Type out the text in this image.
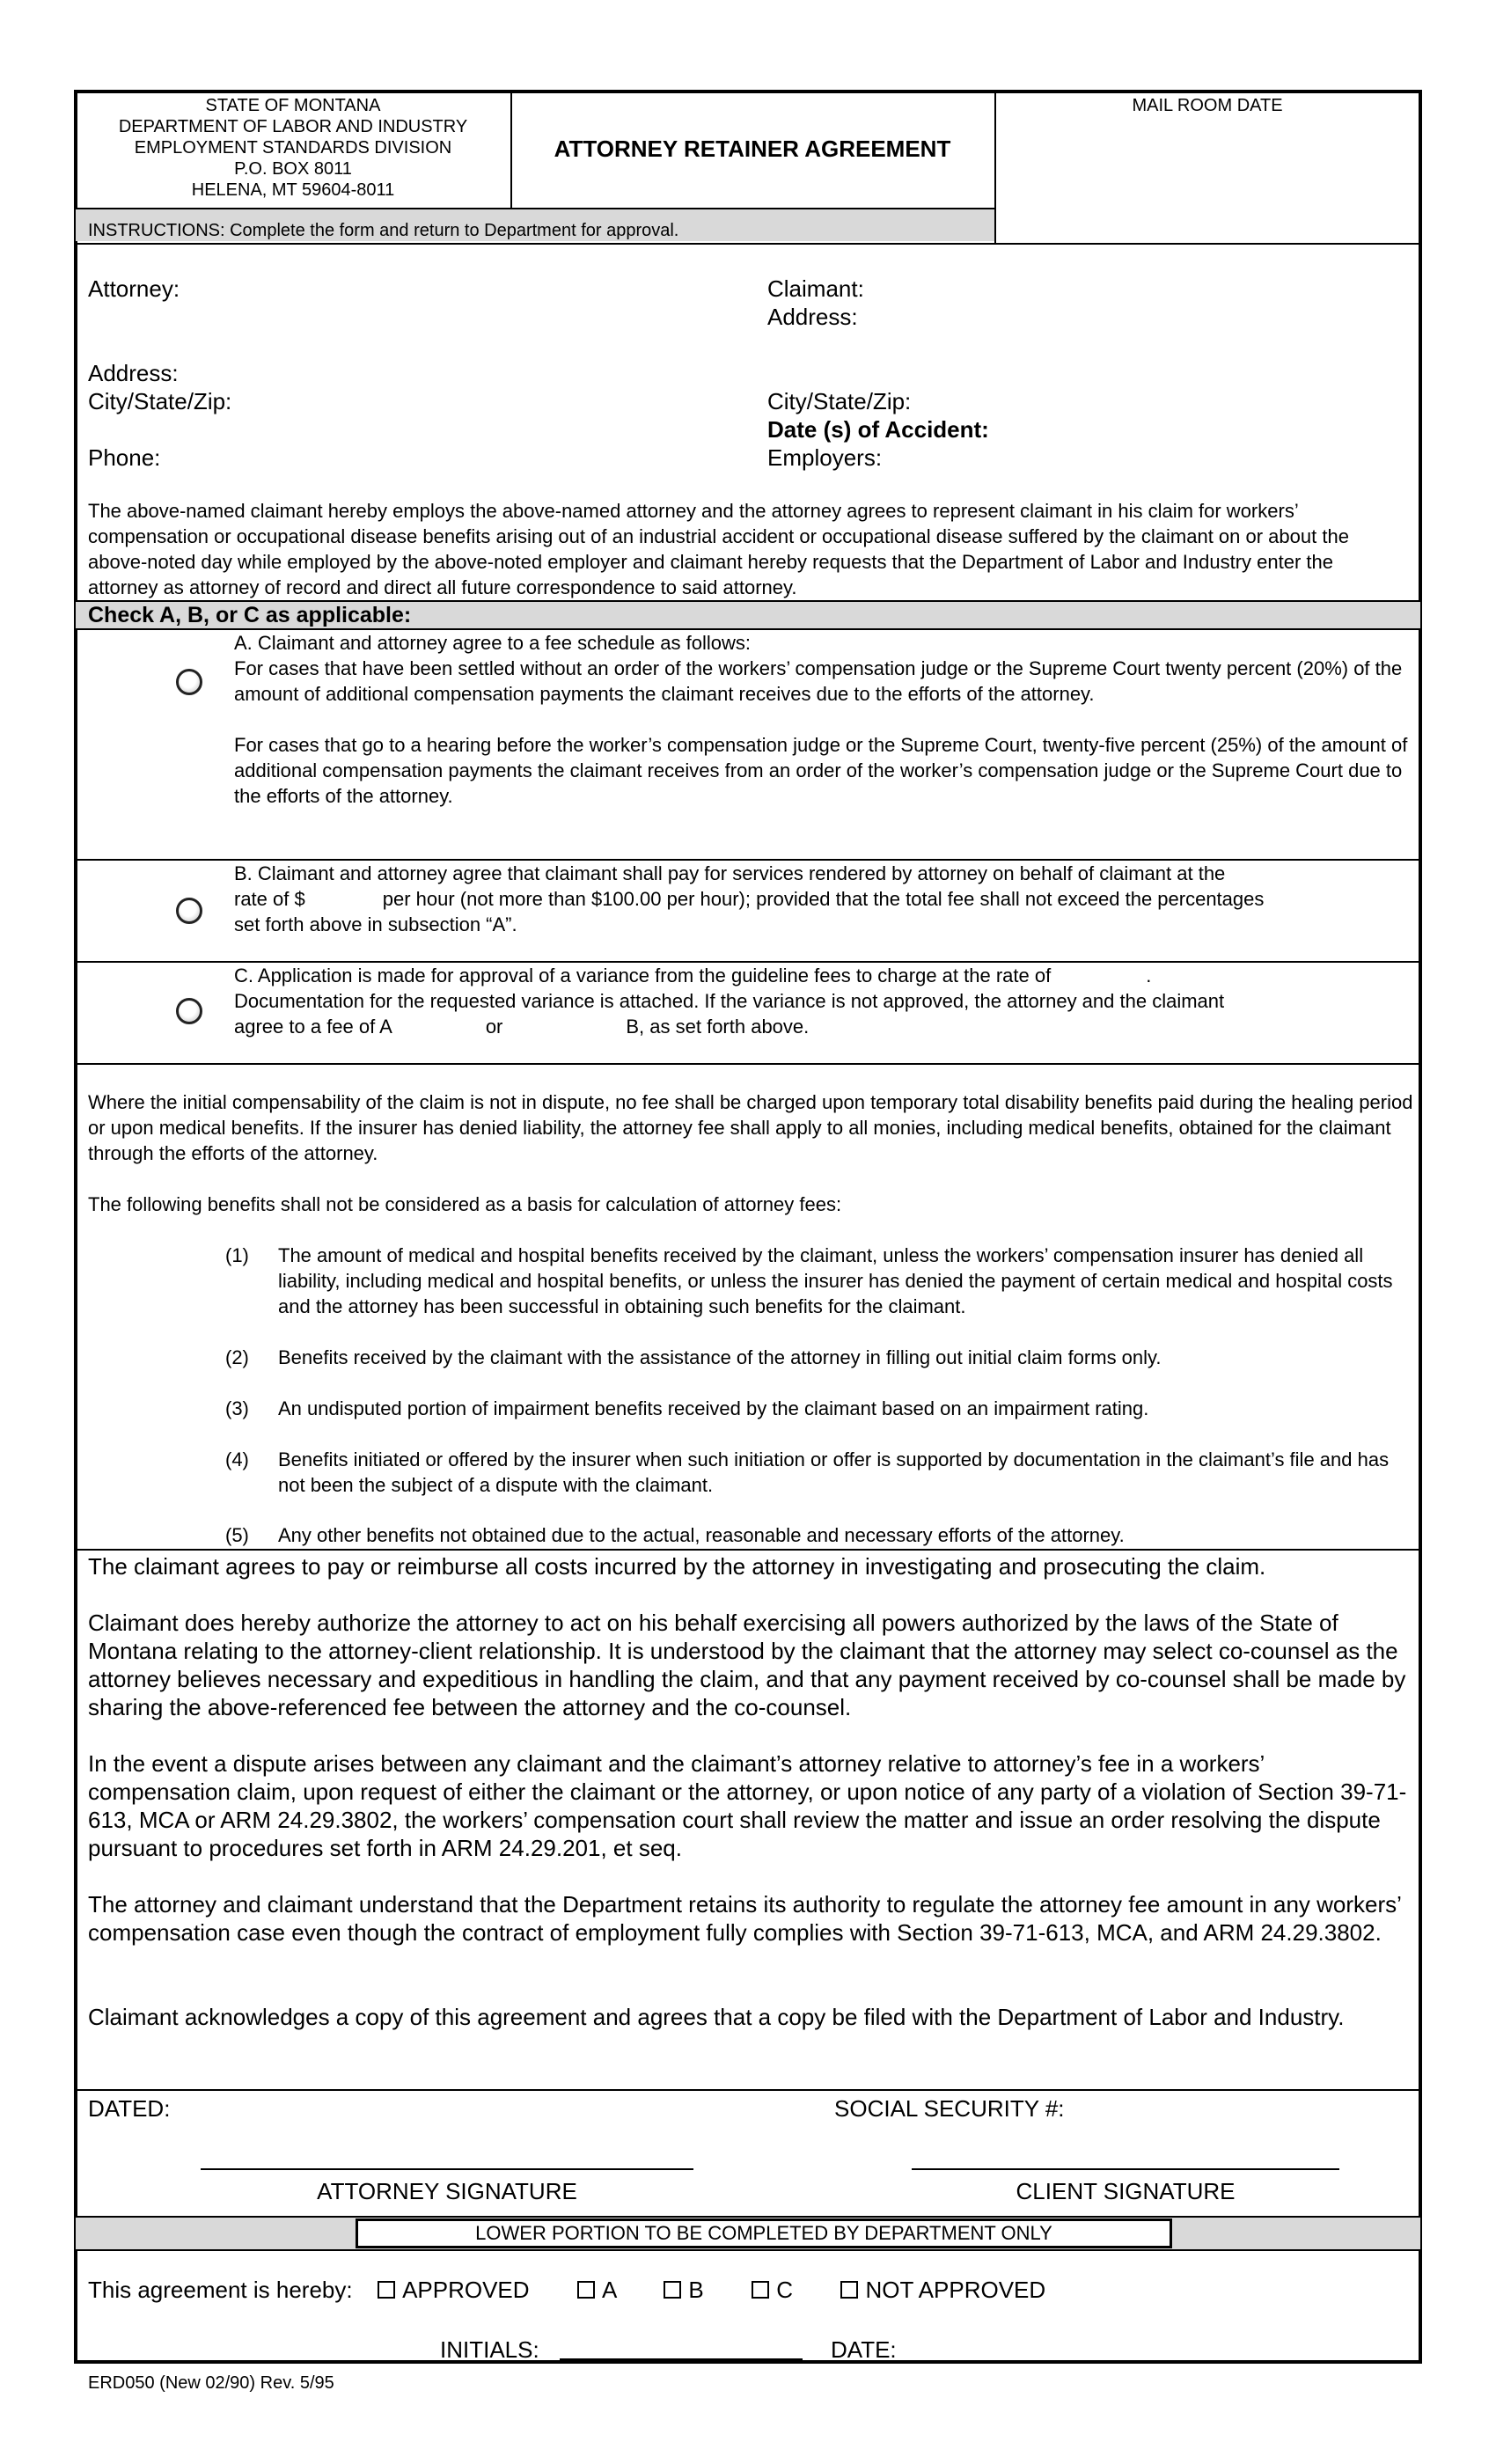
STATE OF MONTANA
DEPARTMENT OF LABOR AND INDUSTRY
EMPLOYMENT STANDARDS DIVISION
P.O. BOX 8011
HELENA, MT 59604-8011
ATTORNEY RETAINER AGREEMENT
MAIL ROOM DATE
INSTRUCTIONS: Complete the form and return to Department for approval.
Attorney:
Address:
City/State/Zip:
Phone:
Claimant:
Address:
City/State/Zip:
Date (s) of Accident:
Employers:
The above-named claimant hereby employs the above-named attorney and the attorney agrees to represent claimant in his claim for workers’ compensation or occupational disease benefits arising out of an industrial accident or occupational disease suffered by the claimant on or about the above-noted day while employed by the above-noted employer and claimant hereby requests that the Department of Labor and Industry enter the attorney as attorney of record and direct all future correspondence to said attorney.
Check A, B, or C as applicable:
A. Claimant and attorney agree to a fee schedule as follows:
For cases that have been settled without an order of the workers’ compensation judge or the Supreme Court twenty percent (20%) of the amount of additional compensation payments the claimant receives due to the efforts of the attorney.
For cases that go to a hearing before the worker’s compensation judge or the Supreme Court, twenty-five percent (25%) of the amount of additional compensation payments the claimant receives from an order of the worker’s compensation judge or the Supreme Court due to the efforts of the attorney.
B. Claimant and attorney agree that claimant shall pay for services rendered by attorney on behalf of claimant at the
rate of $	per hour (not more than $100.00 per hour); provided that the total fee shall not exceed the percentages
set forth above in subsection “A”.
C. Application is made for approval of a variance from the guideline fees to charge at the rate of	.
Documentation for the requested variance is attached. If the variance is not approved, the attorney and the claimant
agree to a fee of A	or	B, as set forth above.
Where the initial compensability of the claim is not in dispute, no fee shall be charged upon temporary total disability benefits paid during the healing period or upon medical benefits. If the insurer has denied liability, the attorney fee shall apply to all monies, including medical benefits, obtained for the claimant through the efforts of the attorney.
The following benefits shall not be considered as a basis for calculation of attorney fees:
(1) The amount of medical and hospital benefits received by the claimant, unless the workers’ compensation insurer has denied all liability, including medical and hospital benefits, or unless the insurer has denied the payment of certain medical and hospital costs and the attorney has been successful in obtaining such benefits for the claimant.
(2) Benefits received by the claimant with the assistance of the attorney in filling out initial claim forms only.
(3) An undisputed portion of impairment benefits received by the claimant based on an impairment rating.
(4) Benefits initiated or offered by the insurer when such initiation or offer is supported by documentation in the claimant’s file and has not been the subject of a dispute with the claimant.
(5) Any other benefits not obtained due to the actual, reasonable and necessary efforts of the attorney.
The claimant agrees to pay or reimburse all costs incurred by the attorney in investigating and prosecuting the claim.
Claimant does hereby authorize the attorney to act on his behalf exercising all powers authorized by the laws of the State of Montana relating to the attorney-client relationship. It is understood by the claimant that the attorney may select co-counsel as the attorney believes necessary and expeditious in handling the claim, and that any payment received by co-counsel shall be made by sharing the above-referenced fee between the attorney and the co-counsel.
In the event a dispute arises between any claimant and the claimant’s attorney relative to attorney’s fee in a workers’ compensation claim, upon request of either the claimant or the attorney, or upon notice of any party of a violation of Section 39-71-613, MCA or ARM 24.29.3802, the workers’ compensation court shall review the matter and issue an order resolving the dispute pursuant to procedures set forth in ARM 24.29.201, et seq.
The attorney and claimant understand that the Department retains its authority to regulate the attorney fee amount in any workers’ compensation case even though the contract of employment fully complies with Section 39-71-613, MCA, and ARM 24.29.3802.
Claimant acknowledges a copy of this agreement and agrees that a copy be filed with the Department of Labor and Industry.
DATED:	SOCIAL SECURITY #:
ATTORNEY SIGNATURE	CLIENT SIGNATURE
LOWER PORTION TO BE COMPLETED BY DEPARTMENT ONLY
This agreement is hereby: APPROVED	A	B	C	NOT APPROVED
INITIALS:	DATE:
ERD050 (New 02/90) Rev. 5/95
